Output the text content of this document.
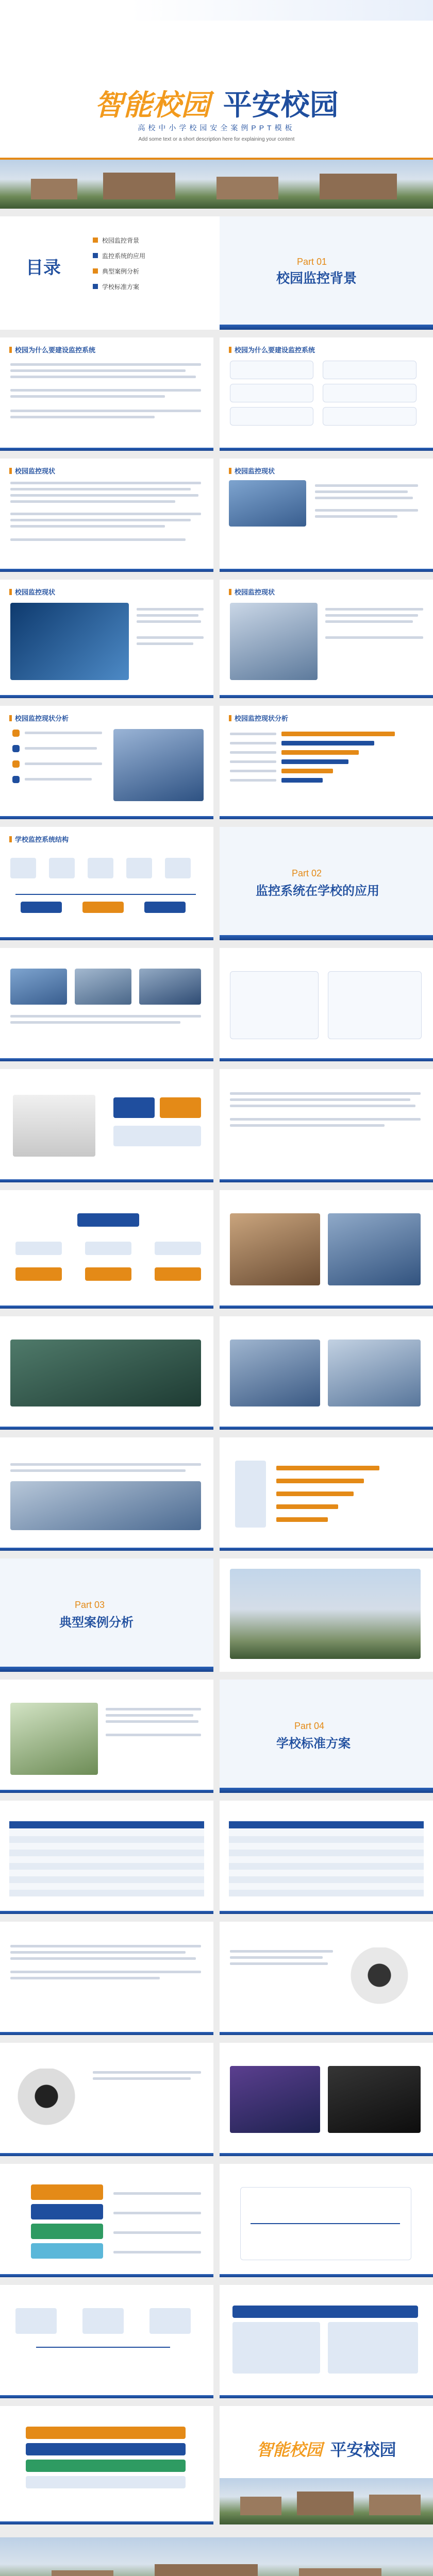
智能校园 平安校园
高校中小学校园安全案例PPT模板
Add some text or a short description here for explaining your content
目录
校园监控背景
监控系统的应用
典型案例分析
学校标准方案
Part 01
校园监控背景
校园为什么要建设监控系统	校园为什么要建设监控系统
校园监控现状	校园监控现状
校园监控现状	校园监控现状
校园监控现状分析	校园监控现状分析
学校监控系统结构
Part 02
监控系统在学校的应用
Part 03
典型案例分析
Part 04
学校标准方案
智能校园 平安校园
